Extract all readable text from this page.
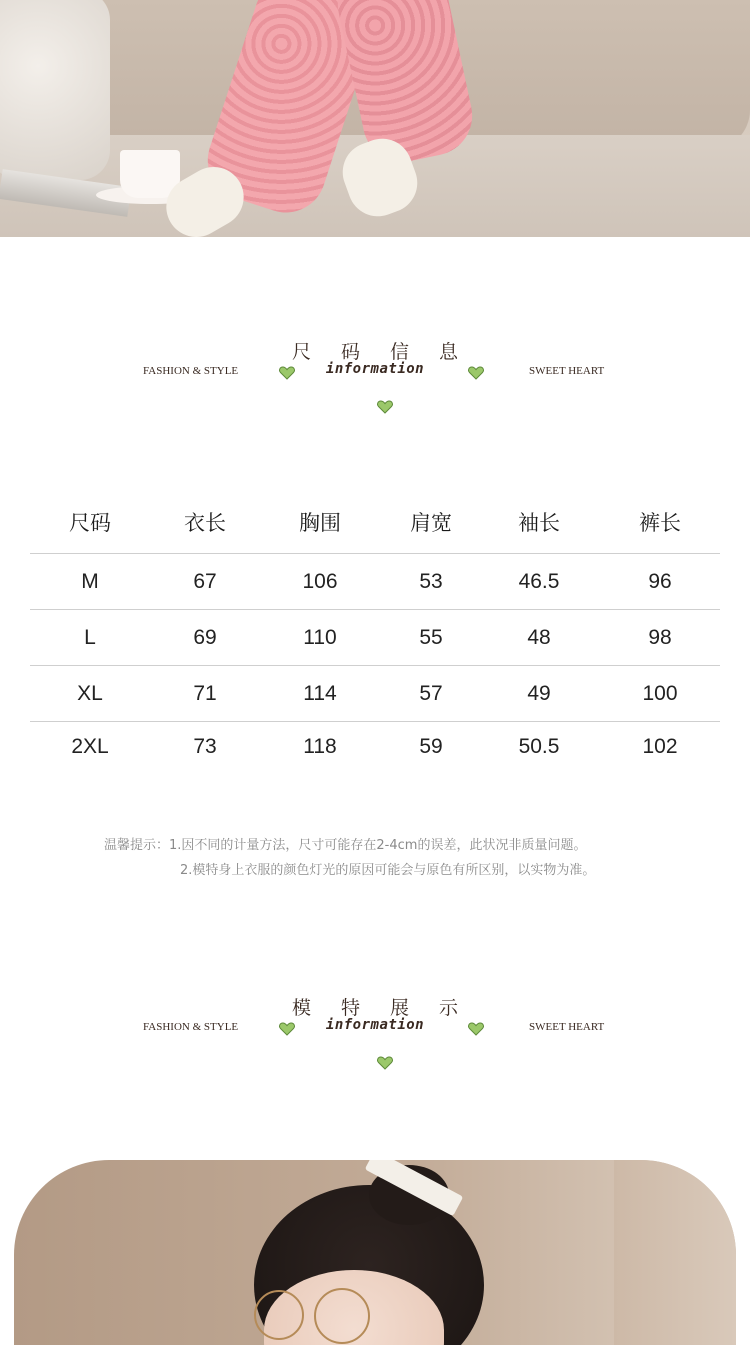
尺 码 信 息
FASHION & STYLE	information	SWEET HEART
尺码	衣长	胸围	肩宽	袖长	裤长
M	67	106	53	46.5	96
L	69	110	55	48	98
XL	71	114	57	49	100
2XL	73	118	59	50.5	102
温馨提示：1.因不同的计量方法，尺寸可能存在2-4cm的误差，此状况非质量问题。
2.模特身上衣服的颜色灯光的原因可能会与原色有所区别，以实物为准。
模 特 展 示
FASHION & STYLE	information	SWEET HEART
